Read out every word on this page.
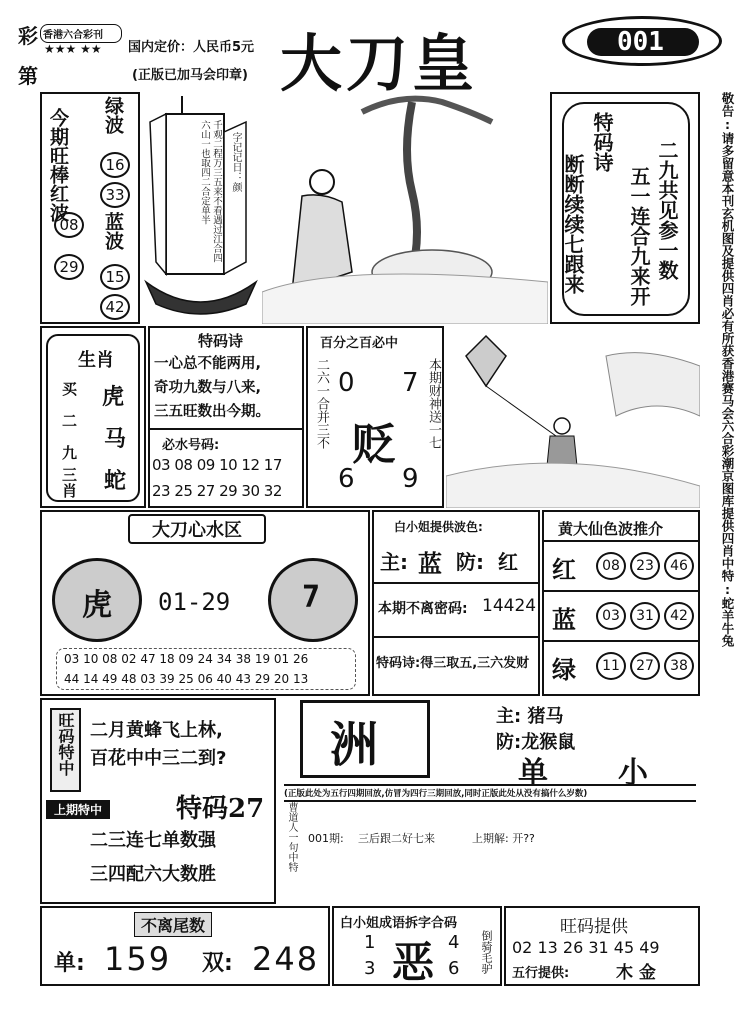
彩 香港六合彩刊
★★★ ★★
第
国内定价：人民币5元
(正版已加马会印章) 大刀皇	001
敬告:请多留意本刊玄机图及提供四肖必有所获香港赛马会六合彩潮京图库提供四肖中特:蛇羊牛兔
今期旺棒红波 绿波
16
33
08 蓝波
29
15
42
千观二程万三五来不看遇过江合四六山一也取四二合定单半	字记记日：颜	特码诗 二九共见参一数
五一连合九来开
断断续续七跟来
生肖
买
二
九
三
肖
虎
马
蛇
特码诗
一心总不能两用,
奇功九数与八来,
三五旺数出今期。
必水号码:
03 08 09 10 12 17
23 25 27 29 30 32
百分之百必中
二六一合并三不	本期财神送一七
0 7
贬
6 9
大刀心水区
虎 01-29 7
03 10 08 02 47 18 09 24 34 38 19 01 26
44 14 49 48 03 39 25 06 40 43 29 20 13
白小姐提供波色:
主: 蓝 防: 红
本期不离密码: 14424
特码诗:得三取五,三六发财
黄大仙色波推介
红	08	23	46
蓝	03	31	42
绿	11	27	38
旺码特中 二月黄蜂飞上林,
百花中中三二到?
上期特中	特码27
二三连七单数强
三四配六大数胜
洲
主: 猪马
防:龙猴鼠
单 小
(正版此处为五行四期回放,仿冒为四行三期回放,同时正版此处从没有搞什么岁数)
曹道人一句中特 001期: 三后跟二好七来	上期解: 开??
不离尾数
单: 159 双: 248
白小姐成语拆字合码
1
3 恶 4
6 倒骑毛驴
旺码提供
02 13 26 31 45 49
五行提供:	木 金
